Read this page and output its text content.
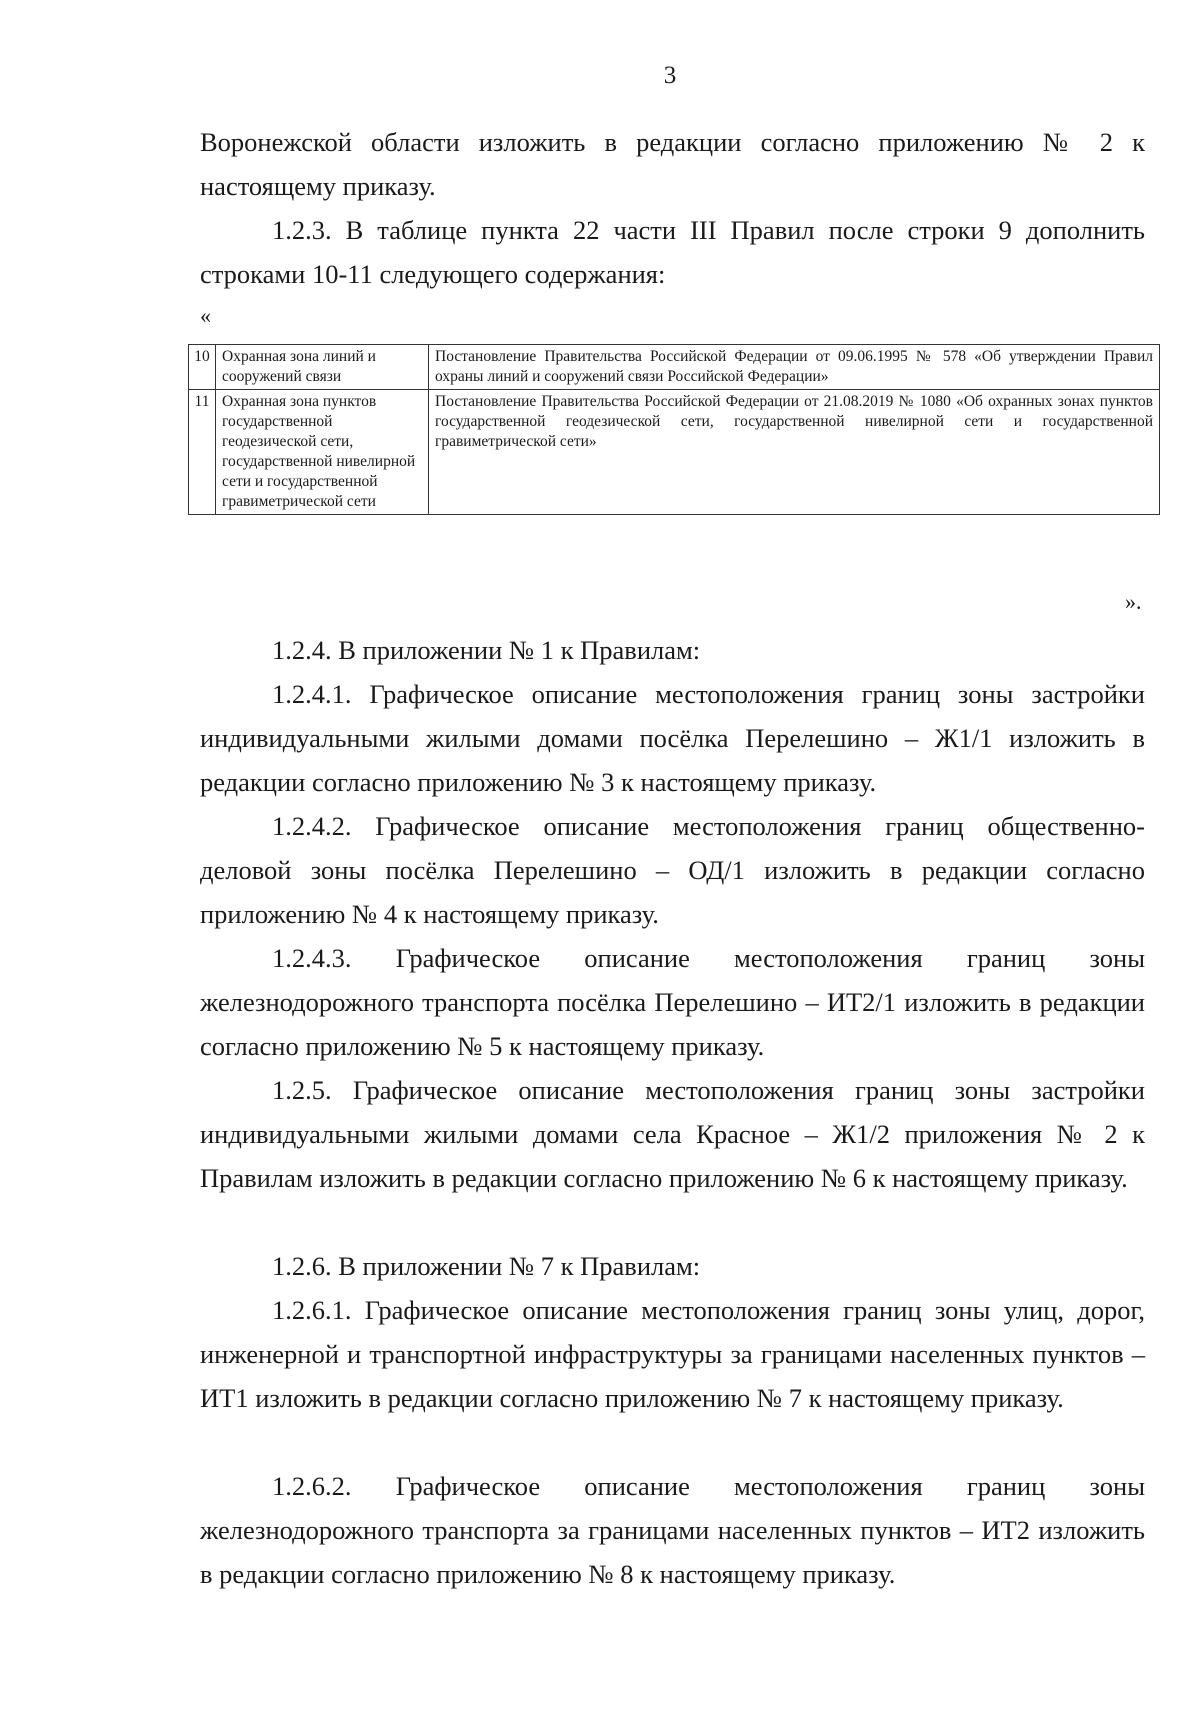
3

Воронежской области изложить в редакции согласно приложению № 2 к настоящему приказу.

1.2.3. В таблице пункта 22 части III Правил после строки 9 дополнить строками 10-11 следующего содержания:

«
10	Охранная зона линий и сооружений связи	Постановление Правительства Российской Федерации от 09.06.1995 № 578 «Об утверждении Правил охраны линий и сооружений связи Российской Федерации»
11	Охранная зона пунктов государственной геодезической сети, государственной нивелирной сети и государственной гравиметрической сети	Постановление Правительства Российской Федерации от 21.08.2019 № 1080 «Об охранных зонах пунктов государственной геодезической сети, государственной нивелирной сети и государственной гравиметрической сети»
».

1.2.4. В приложении № 1 к Правилам:

1.2.4.1. Графическое описание местоположения границ зоны застройки индивидуальными жилыми домами посёлка Перелешино – Ж1/1 изложить в редакции согласно приложению № 3 к настоящему приказу.

1.2.4.2. Графическое описание местоположения границ общественно-деловой зоны посёлка Перелешино – ОД/1 изложить в редакции согласно приложению № 4 к настоящему приказу.

1.2.4.3. Графическое описание местоположения границ зоны железнодорожного транспорта посёлка Перелешино – ИТ2/1 изложить в редакции согласно приложению № 5 к настоящему приказу.

1.2.5. Графическое описание местоположения границ зоны застройки индивидуальными жилыми домами села Красное – Ж1/2 приложения № 2 к Правилам изложить в редакции согласно приложению № 6 к настоящему приказу.

1.2.6. В приложении № 7 к Правилам:

1.2.6.1. Графическое описание местоположения границ зоны улиц, дорог, инженерной и транспортной инфраструктуры за границами населенных пунктов – ИТ1 изложить в редакции согласно приложению № 7 к настоящему приказу.

1.2.6.2. Графическое описание местоположения границ зоны железнодорожного транспорта за границами населенных пунктов – ИТ2 изложить в редакции согласно приложению № 8 к настоящему приказу.
